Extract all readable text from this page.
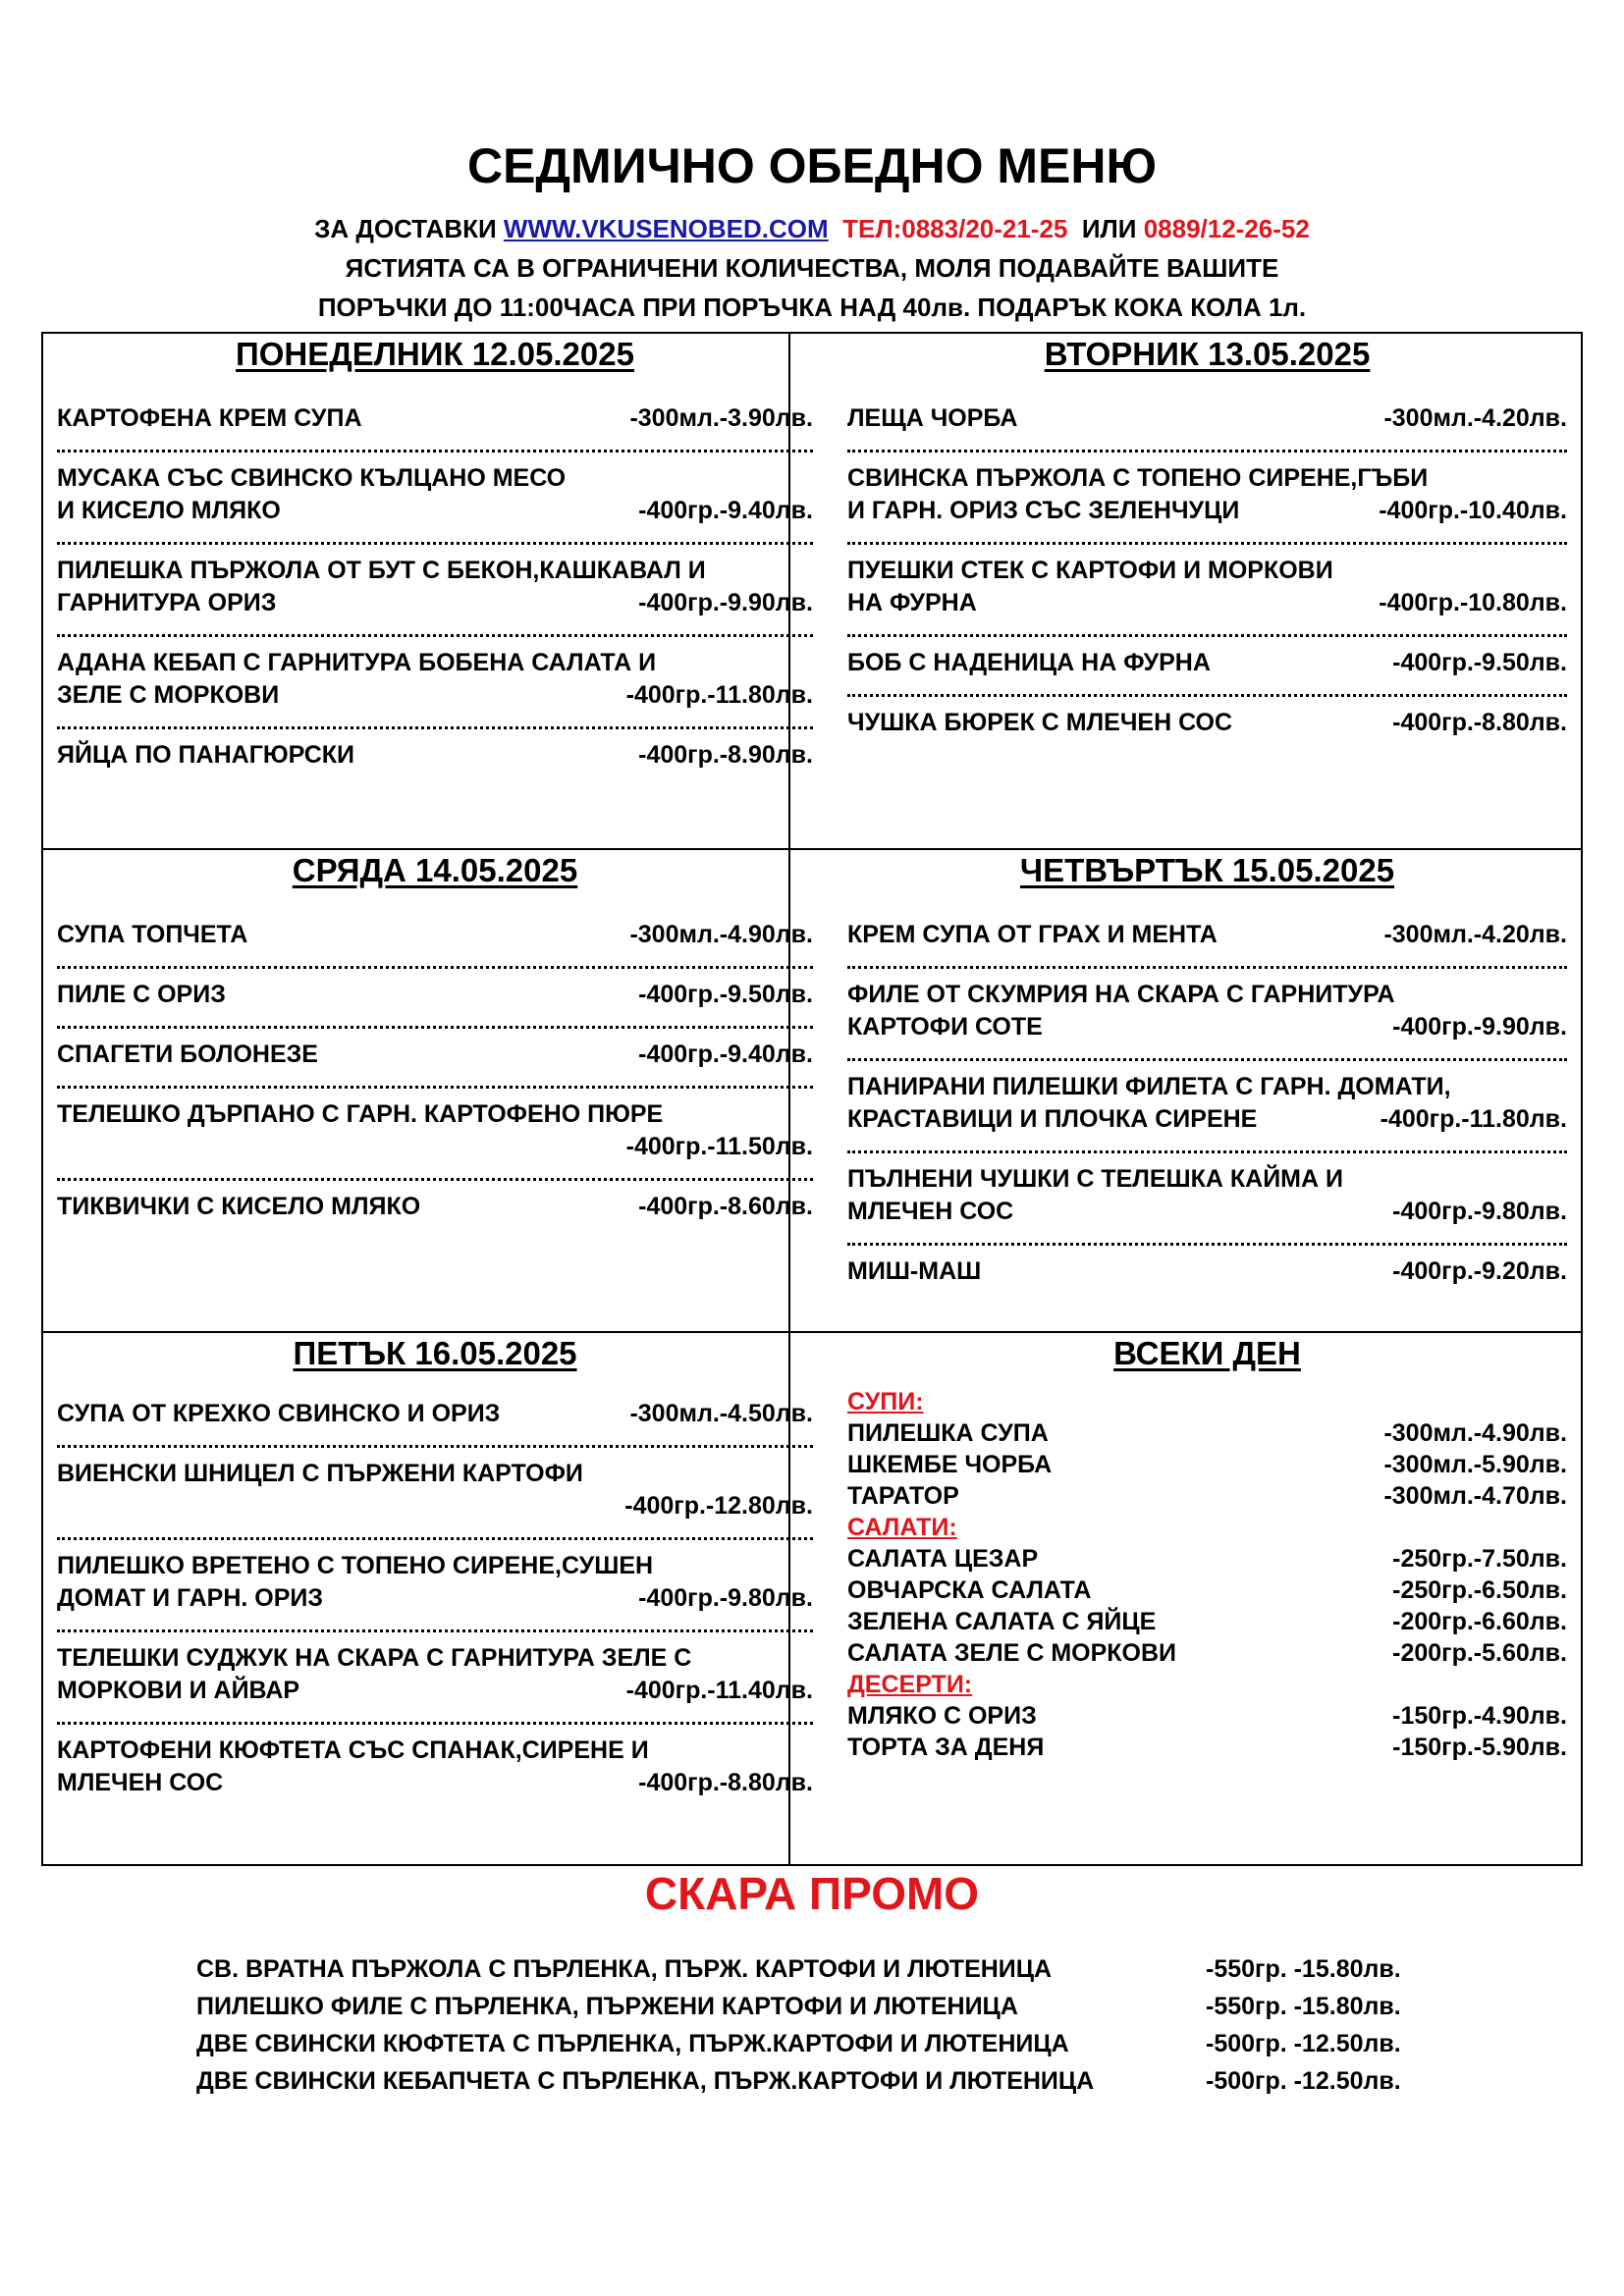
СЕДМИЧНО ОБЕДНО МЕНЮ
ЗА ДОСТАВКИ WWW.VKUSENOBED.COM ТЕЛ:0883/20-21-25 ИЛИ 0889/12-26-52
ЯСТИЯТА СА В ОГРАНИЧЕНИ КОЛИЧЕСТВА, МОЛЯ ПОДАВАЙТЕ ВАШИТЕ
ПОРЪЧКИ ДО 11:00ЧАСА ПРИ ПОРЪЧКА НАД 40лв. ПОДАРЪК КОКА КОЛА 1л.
ПОНЕДЕЛНИК 12.05.2025
КАРТОФЕНА КРЕМ СУПА	-300мл.-3.90лв.
МУСАКА СЪС СВИНСКО КЪЛЦАНО МЕСО
И КИСЕЛО МЛЯКО	-400гр.-9.40лв.
ПИЛЕШКА ПЪРЖОЛА ОТ БУТ С БЕКОН,КАШКАВАЛ И
ГАРНИТУРА ОРИЗ	-400гр.-9.90лв.
АДАНА КЕБАП С ГАРНИТУРА БОБЕНА САЛАТА И
ЗЕЛЕ С МОРКОВИ	-400гр.-11.80лв.
ЯЙЦА ПО ПАНАГЮРСКИ	-400гр.-8.90лв.
ВТОРНИК 13.05.2025
ЛЕЩА ЧОРБА	-300мл.-4.20лв.
СВИНСКА ПЪРЖОЛА С ТОПЕНО СИРЕНЕ,ГЪБИ
И ГАРН. ОРИЗ СЪС ЗЕЛЕНЧУЦИ	-400гр.-10.40лв.
ПУЕШКИ СТЕК С КАРТОФИ И МОРКОВИ
НА ФУРНА	-400гр.-10.80лв.
БОБ С НАДЕНИЦА НА ФУРНА	-400гр.-9.50лв.
ЧУШКА БЮРЕК С МЛЕЧЕН СОС	-400гр.-8.80лв.
СРЯДА 14.05.2025
СУПА ТОПЧЕТА	-300мл.-4.90лв.
ПИЛЕ С ОРИЗ	-400гр.-9.50лв.
СПАГЕТИ БОЛОНЕЗЕ	-400гр.-9.40лв.
ТЕЛЕШКО ДЪРПАНО С ГАРН. КАРТОФЕНО ПЮРЕ
-400гр.-11.50лв.
ТИКВИЧКИ С КИСЕЛО МЛЯКО	-400гр.-8.60лв.
ЧЕТВЪРТЪК 15.05.2025
КРЕМ СУПА ОТ ГРАХ И МЕНТА	-300мл.-4.20лв.
ФИЛЕ ОТ СКУМРИЯ НА СКАРА С ГАРНИТУРА
КАРТОФИ СОТЕ	-400гр.-9.90лв.
ПАНИРАНИ ПИЛЕШКИ ФИЛЕТА С ГАРН. ДОМАТИ,
КРАСТАВИЦИ И ПЛОЧКА СИРЕНЕ	-400гр.-11.80лв.
ПЪЛНЕНИ ЧУШКИ С ТЕЛЕШКА КАЙМА И
МЛЕЧЕН СОС	-400гр.-9.80лв.
МИШ-МАШ	-400гр.-9.20лв.
ПЕТЪК 16.05.2025
СУПА ОТ КРЕХКО СВИНСКО И ОРИЗ	-300мл.-4.50лв.
ВИЕНСКИ ШНИЦЕЛ С ПЪРЖЕНИ КАРТОФИ
-400гр.-12.80лв.
ПИЛЕШКО ВРЕТЕНО С ТОПЕНО СИРЕНЕ,СУШЕН
ДОМАТ И ГАРН. ОРИЗ	-400гр.-9.80лв.
ТЕЛЕШКИ СУДЖУК НА СКАРА С ГАРНИТУРА ЗЕЛЕ С
МОРКОВИ И АЙВАР	-400гр.-11.40лв.
КАРТОФЕНИ КЮФТЕТА СЪС СПАНАК,СИРЕНЕ И
МЛЕЧЕН СОС	-400гр.-8.80лв.
ВСЕКИ ДЕН
СУПИ:
ПИЛЕШКА СУПА	-300мл.-4.90лв.
ШКЕМБЕ ЧОРБА	-300мл.-5.90лв.
ТАРАТОР	-300мл.-4.70лв.
САЛАТИ:
САЛАТА ЦЕЗАР	-250гр.-7.50лв.
ОВЧАРСКА САЛАТА	-250гр.-6.50лв.
ЗЕЛЕНА САЛАТА С ЯЙЦЕ	-200гр.-6.60лв.
САЛАТА ЗЕЛЕ С МОРКОВИ	-200гр.-5.60лв.
ДЕСЕРТИ:
МЛЯКО С ОРИЗ	-150гр.-4.90лв.
ТОРТА ЗА ДЕНЯ	-150гр.-5.90лв.
СКАРА ПРОМО
СВ. ВРАТНА ПЪРЖОЛА С ПЪРЛЕНКА, ПЪРЖ. КАРТОФИ И ЛЮТЕНИЦА	-550гр. -15.80лв.
ПИЛЕШКО ФИЛЕ С ПЪРЛЕНКА, ПЪРЖЕНИ КАРТОФИ И ЛЮТЕНИЦА	-550гр. -15.80лв.
ДВЕ СВИНСКИ КЮФТЕТА С ПЪРЛЕНКА, ПЪРЖ.КАРТОФИ И ЛЮТЕНИЦА	-500гр. -12.50лв.
ДВЕ СВИНСКИ КЕБАПЧЕТА С ПЪРЛЕНКА, ПЪРЖ.КАРТОФИ И ЛЮТЕНИЦА	-500гр. -12.50лв.
